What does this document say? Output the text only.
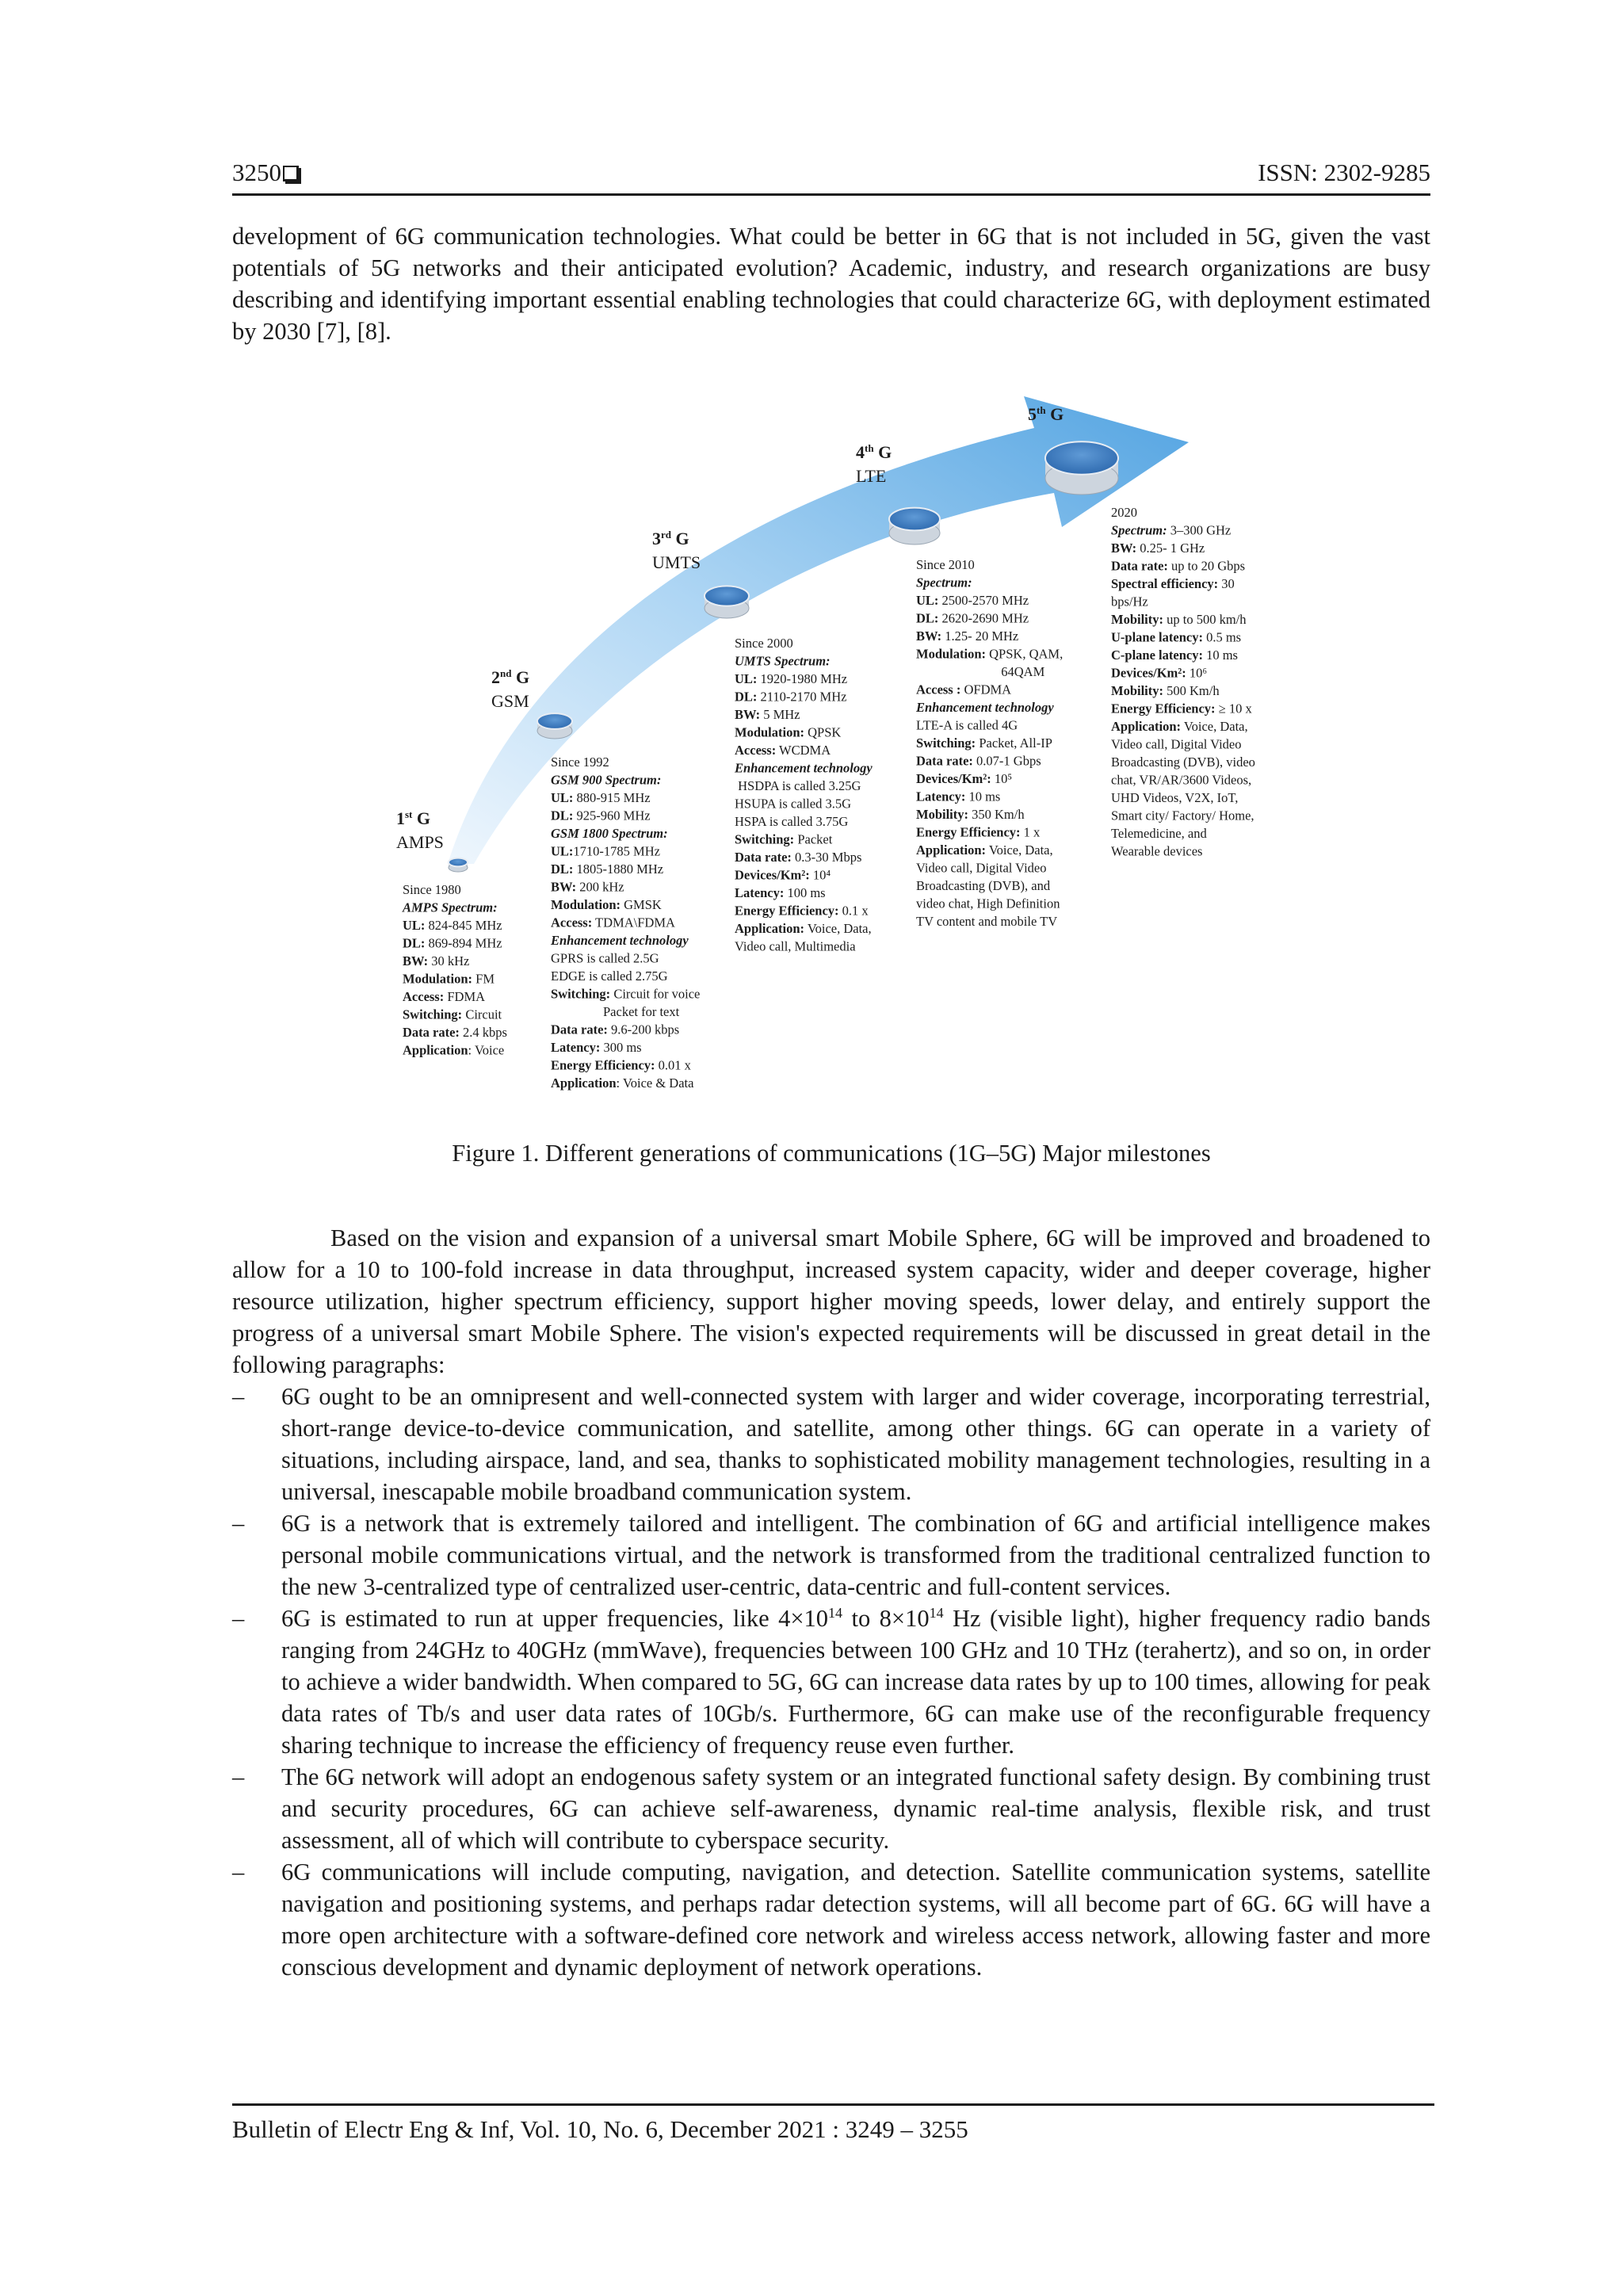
3250	ISSN: 2302-9285
development of 6G communication technologies. What could be better in 6G that is not included in 5G, given the vast potentials of 5G networks and their anticipated evolution? Academic, industry, and research organizations are busy describing and identifying important essential enabling technologies that could characterize 6G, with deployment estimated by 2030 [7], [8].
1st G
AMPS
Since 1980
AMPS Spectrum:
UL: 824-845 MHz
DL: 869-894 MHz
BW: 30 kHz
Modulation: FM
Access: FDMA
Switching: Circuit
Data rate: 2.4 kbps
Application: Voice
2nd G
GSM
Since 1992
GSM 900 Spectrum:
UL: 880-915 MHz
DL: 925-960 MHz
GSM 1800 Spectrum:
UL:1710-1785 MHz
DL: 1805-1880 MHz
BW: 200 kHz
Modulation: GMSK
Access: TDMA\FDMA
Enhancement technology
GPRS is called 2.5G
EDGE is called 2.75G
Switching: Circuit for voice
Packet for text
Data rate: 9.6-200 kbps
Latency: 300 ms
Energy Efficiency: 0.01 x
Application: Voice & Data
3rd G
UMTS
Since 2000
UMTS Spectrum:
UL: 1920-1980 MHz
DL: 2110-2170 MHz
BW: 5 MHz
Modulation: QPSK
Access: WCDMA
Enhancement technology
HSDPA is called 3.25G
HSUPA is called 3.5G
HSPA is called 3.75G
Switching: Packet
Data rate: 0.3-30 Mbps
Devices/Km²: 10⁴
Latency: 100 ms
Energy Efficiency: 0.1 x
Application: Voice, Data,
Video call, Multimedia
4th G
LTE
Since 2010
Spectrum:
UL: 2500-2570 MHz
DL: 2620-2690 MHz
BW: 1.25- 20 MHz
Modulation: QPSK, QAM,
64QAM
Access : OFDMA
Enhancement technology
LTE-A is called 4G
Switching: Packet, All-IP
Data rate: 0.07-1 Gbps
Devices/Km²: 10⁵
Latency: 10 ms
Mobility: 350 Km/h
Energy Efficiency: 1 x
Application: Voice, Data,
Video call, Digital Video
Broadcasting (DVB), and
video chat, High Definition
TV content and mobile TV
5th G
2020
Spectrum: 3–300 GHz
BW: 0.25- 1 GHz
Data rate: up to 20 Gbps
Spectral efficiency: 30
bps/Hz
Mobility: up to 500 km/h
U-plane latency: 0.5 ms
C-plane latency: 10 ms
Devices/Km²: 10⁶
Mobility: 500 Km/h
Energy Efficiency: ≥ 10 x
Application: Voice, Data,
Video call, Digital Video
Broadcasting (DVB), video
chat, VR/AR/3600 Videos,
UHD Videos, V2X, IoT,
Smart city/ Factory/ Home,
Telemedicine, and
Wearable devices
Figure 1. Different generations of communications (1G–5G) Major milestones
Based on the vision and expansion of a universal smart Mobile Sphere, 6G will be improved and broadened to allow for a 10 to 100-fold increase in data throughput, increased system capacity, wider and deeper coverage, higher resource utilization, higher spectrum efficiency, support higher moving speeds, lower delay, and entirely support the progress of a universal smart Mobile Sphere. The vision's expected requirements will be discussed in great detail in the following paragraphs:
– 6G ought to be an omnipresent and well-connected system with larger and wider coverage, incorporating terrestrial, short-range device-to-device communication, and satellite, among other things. 6G can operate in a variety of situations, including airspace, land, and sea, thanks to sophisticated mobility management technologies, resulting in a universal, inescapable mobile broadband communication system.
– 6G is a network that is extremely tailored and intelligent. The combination of 6G and artificial intelligence makes personal mobile communications virtual, and the network is transformed from the traditional centralized function to the new 3-centralized type of centralized user-centric, data-centric and full-content services.
– 6G is estimated to run at upper frequencies, like $4\times 10^{14}$ to $8\times 10^{14}$ Hz (visible light), higher frequency radio bands ranging from 24GHz to 40GHz (mmWave), frequencies between 100 GHz and 10 THz (terahertz), and so on, in order to achieve a wider bandwidth. When compared to 5G, 6G can increase data rates by up to 100 times, allowing for peak data rates of Tb/s and user data rates of 10Gb/s. Furthermore, 6G can make use of the reconfigurable frequency sharing technique to increase the efficiency of frequency reuse even further.
– The 6G network will adopt an endogenous safety system or an integrated functional safety design. By combining trust and security procedures, 6G can achieve self-awareness, dynamic real-time analysis, flexible risk, and trust assessment, all of which will contribute to cyberspace security.
– 6G communications will include computing, navigation, and detection. Satellite communication systems, satellite navigation and positioning systems, and perhaps radar detection systems, will all become part of 6G. 6G will have a more open architecture with a software-defined core network and wireless access network, allowing faster and more conscious development and dynamic deployment of network operations.
Bulletin of Electr Eng & Inf, Vol. 10, No. 6, December 2021 : 3249 – 3255
